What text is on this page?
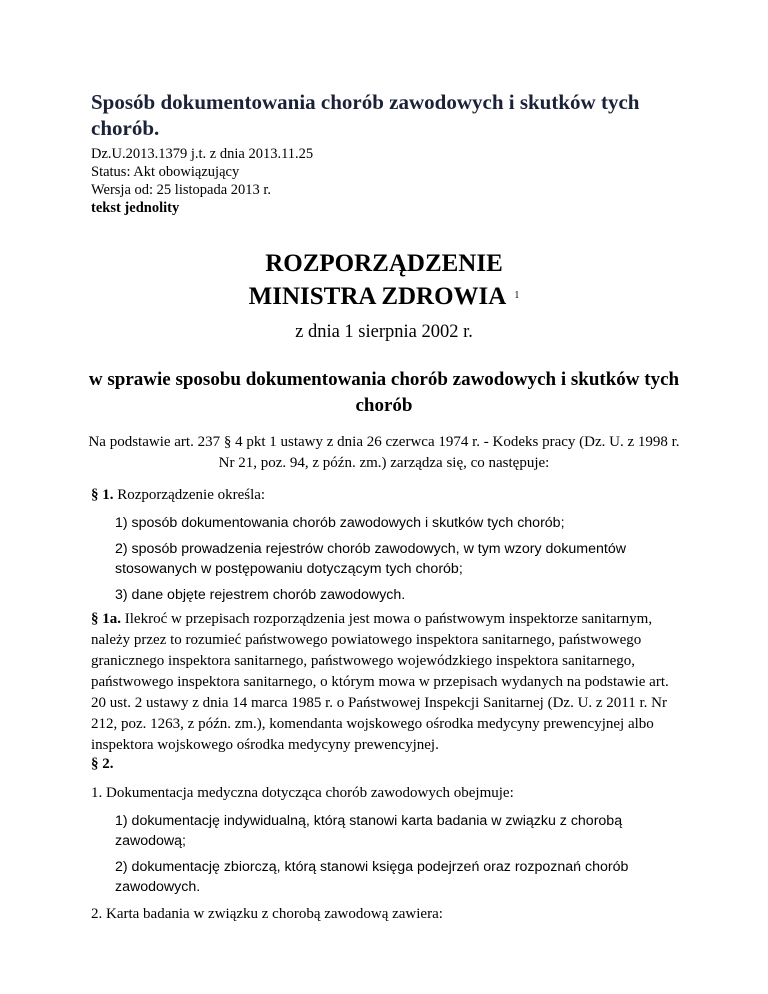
Sposób dokumentowania chorób zawodowych i skutków tych chorób.
Dz.U.2013.1379 j.t. z dnia 2013.11.25
Status: Akt obowiązujący
Wersja od: 25 listopada 2013 r.
tekst jednolity
ROZPORZĄDZENIE
MINISTRA ZDROWIA $^1$
z dnia 1 sierpnia 2002 r.
w sprawie sposobu dokumentowania chorób zawodowych i skutków tych chorób
Na podstawie art. 237 § 4 pkt 1 ustawy z dnia 26 czerwca 1974 r. - Kodeks pracy (Dz. U. z 1998 r. Nr 21, poz. 94, z późn. zm.) zarządza się, co następuje:
§ 1. Rozporządzenie określa:
1) sposób dokumentowania chorób zawodowych i skutków tych chorób;
2) sposób prowadzenia rejestrów chorób zawodowych, w tym wzory dokumentów stosowanych w postępowaniu dotyczącym tych chorób;
3) dane objęte rejestrem chorób zawodowych.
§ 1a. Ilekroć w przepisach rozporządzenia jest mowa o państwowym inspektorze sanitarnym, należy przez to rozumieć państwowego powiatowego inspektora sanitarnego, państwowego granicznego inspektora sanitarnego, państwowego wojewódzkiego inspektora sanitarnego, państwowego inspektora sanitarnego, o którym mowa w przepisach wydanych na podstawie art. 20 ust. 2 ustawy z dnia 14 marca 1985 r. o Państwowej Inspekcji Sanitarnej (Dz. U. z 2011 r. Nr 212, poz. 1263, z późn. zm.), komendanta wojskowego ośrodka medycyny prewencyjnej albo inspektora wojskowego ośrodka medycyny prewencyjnej.
§ 2.
1. Dokumentacja medyczna dotycząca chorób zawodowych obejmuje:
1) dokumentację indywidualną, którą stanowi karta badania w związku z chorobą zawodową;
2) dokumentację zbiorczą, którą stanowi księga podejrzeń oraz rozpoznań chorób zawodowych.
2. Karta badania w związku z chorobą zawodową zawiera:
